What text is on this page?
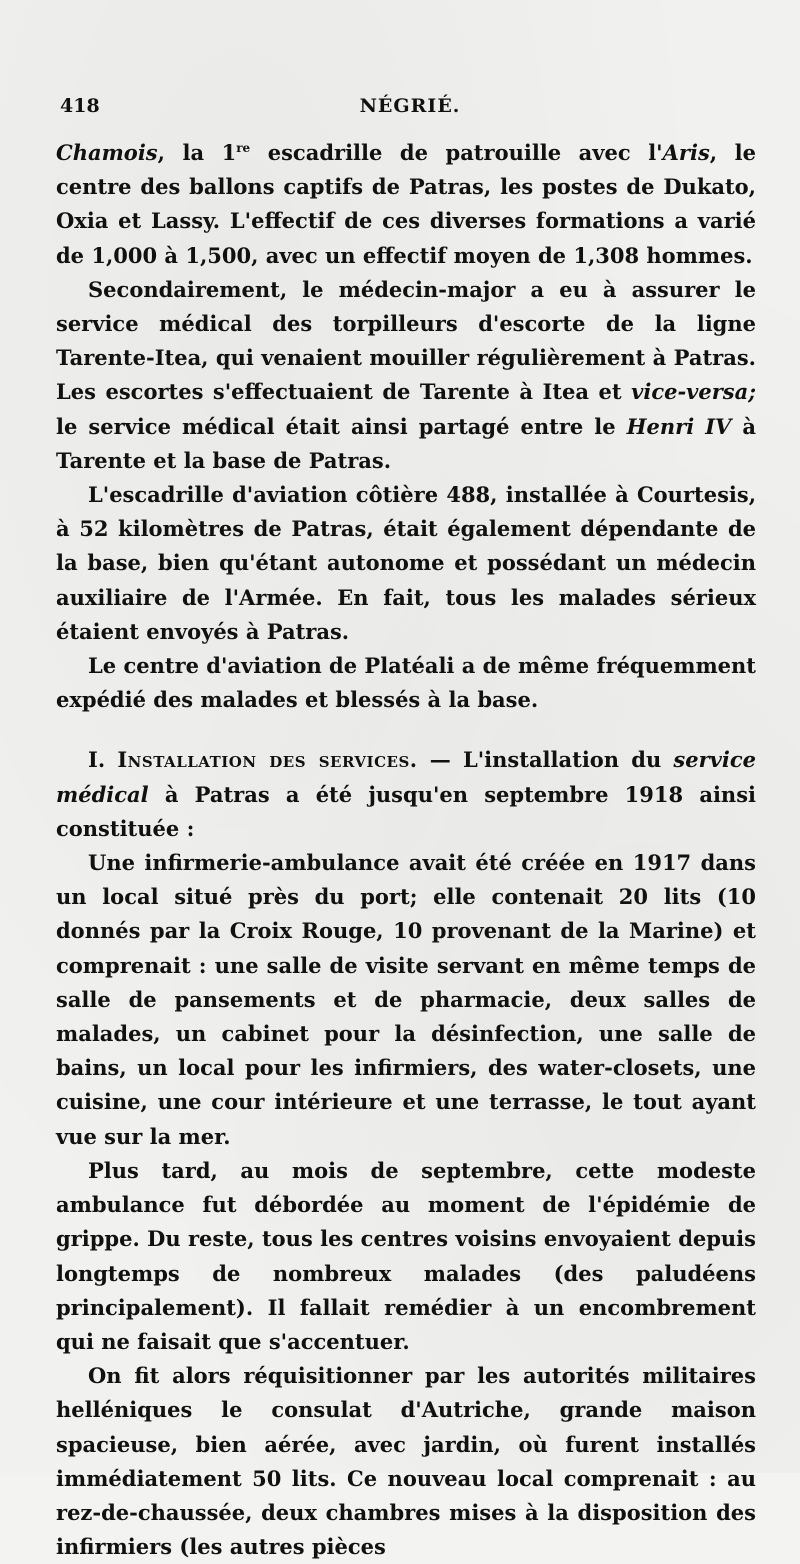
418	NÉGRIÉ.

Chamois, la 1re escadrille de patrouille avec l'Aris, le centre des ballons captifs de Patras, les postes de Dukato, Oxia et Lassy. L'effectif de ces diverses formations a varié de 1,000 à 1,500, avec un effectif moyen de 1,308 hommes.

Secondairement, le médecin-major a eu à assurer le service médical des torpilleurs d'escorte de la ligne Tarente-Itea, qui venaient mouiller régulièrement à Patras. Les escortes s'effectuaient de Tarente à Itea et vice-versa; le service médical était ainsi partagé entre le Henri IV à Tarente et la base de Patras.

L'escadrille d'aviation côtière 488, installée à Courtesis, à 52 kilomètres de Patras, était également dépendante de la base, bien qu'étant autonome et possédant un médecin auxiliaire de l'Armée. En fait, tous les malades sérieux étaient envoyés à Patras.

Le centre d'aviation de Platéali a de même fréquemment expédié des malades et blessés à la base.

I. Installation des services. — L'installation du service médical à Patras a été jusqu'en septembre 1918 ainsi constituée :

Une infirmerie-ambulance avait été créée en 1917 dans un local situé près du port; elle contenait 20 lits (10 donnés par la Croix Rouge, 10 provenant de la Marine) et comprenait : une salle de visite servant en même temps de salle de pansements et de pharmacie, deux salles de malades, un cabinet pour la désinfection, une salle de bains, un local pour les infirmiers, des water-closets, une cuisine, une cour intérieure et une terrasse, le tout ayant vue sur la mer.

Plus tard, au mois de septembre, cette modeste ambulance fut débordée au moment de l'épidémie de grippe. Du reste, tous les centres voisins envoyaient depuis longtemps de nombreux malades (des paludéens principalement). Il fallait remédier à un encombrement qui ne faisait que s'accentuer.

On fit alors réquisitionner par les autorités militaires helléniques le consulat d'Autriche, grande maison spacieuse, bien aérée, avec jardin, où furent installés immédiatement 50 lits. Ce nouveau local comprenait : au rez-de-chaussée, deux chambres mises à la disposition des infirmiers (les autres pièces
